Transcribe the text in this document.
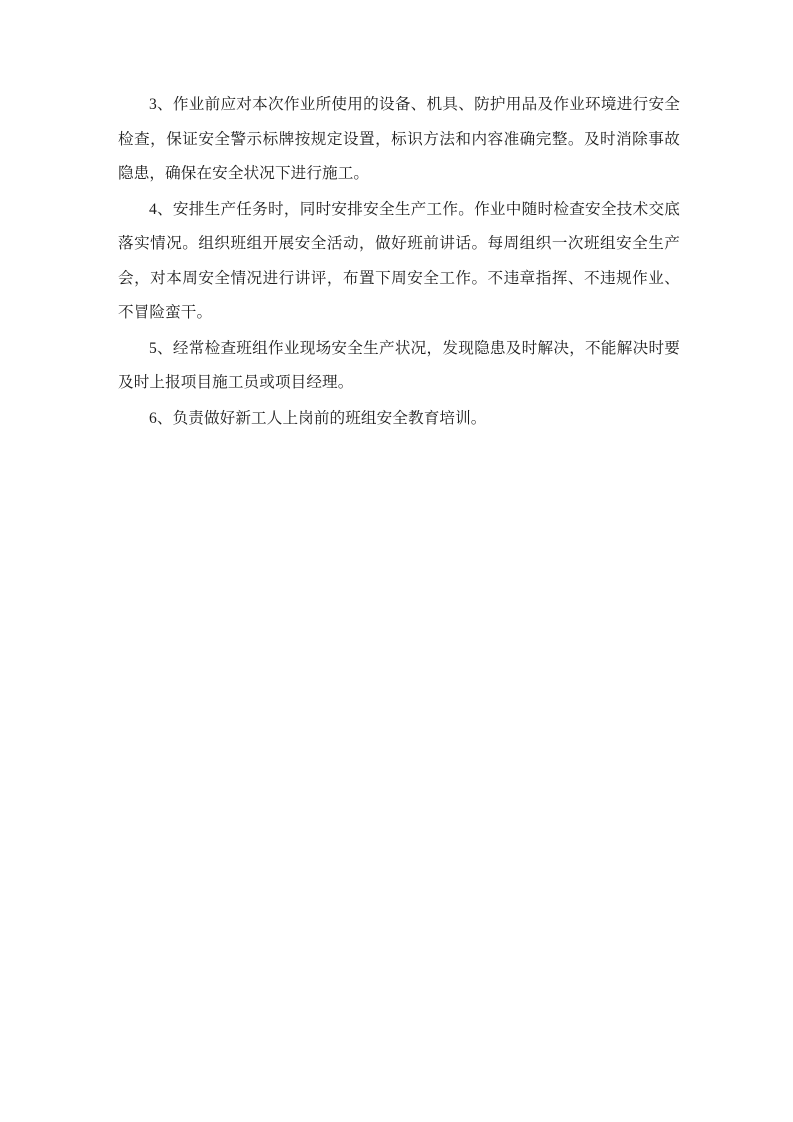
3、作业前应对本次作业所使用的设备、机具、防护用品及作业环境进行安全检查，保证安全警示标牌按规定设置，标识方法和内容准确完整。及时消除事故隐患，确保在安全状况下进行施工。

4、安排生产任务时，同时安排安全生产工作。作业中随时检查安全技术交底落实情况。组织班组开展安全活动，做好班前讲话。每周组织一次班组安全生产会，对本周安全情况进行讲评，布置下周安全工作。不违章指挥、不违规作业、不冒险蛮干。

5、经常检查班组作业现场安全生产状况，发现隐患及时解决，不能解决时要及时上报项目施工员或项目经理。

6、负责做好新工人上岗前的班组安全教育培训。
